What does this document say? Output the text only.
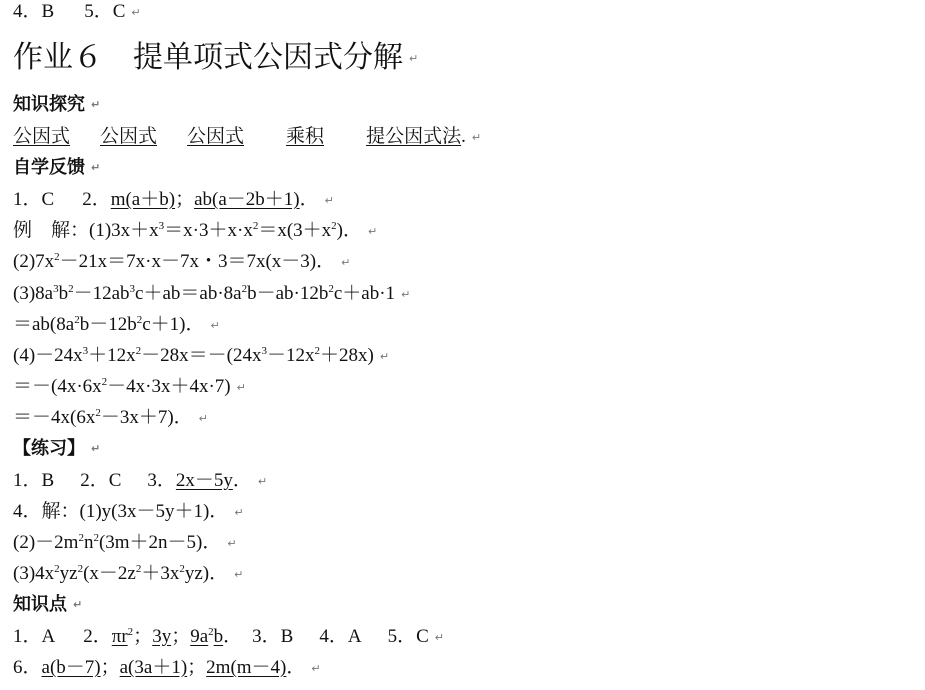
4．B 5．C ↵
作业６　提单项式公因式分解 ↵
知识探究 ↵
公因式 公因式 公因式 乘积 提公因式法. ↵
自学反馈 ↵
1．C 2．m(a＋b)；ab(a－2b＋1)． ↵
例　解：$(1)3x+x^3=x\cdot 3+x\cdot x^2=x(3+x^2)$． ↵
$(2)7x^2-21x=7x\cdot x-7x$・3＝7x(x－3)． ↵
$(3)8a^3b^2-12ab^3c+ab=ab\cdot 8a^2b-ab\cdot 12b^2c+ab\cdot 1$ ↵
$=ab(8a^2b-12b^2c+1)$． ↵
$(4)-24x^3+12x^2-28x=-(24x^3-12x^2+28x)$ ↵
$=-(4x\cdot 6x^2-4x\cdot 3x+4x\cdot 7)$ ↵
$=-4x(6x^2-3x+7)$． ↵
【练习】 ↵
1．B 2．C 3．2x－5y． ↵
4．解：(1)y(3x－5y＋1)． ↵
$(2)-2m^2n^2(3m+2n-5)$． ↵
$(3)4x^2yz^2(x-2z^2+3x^2yz)$． ↵
知识点 ↵
1．A 2．$\pi r^2$；3y；$9a^2b$． 3．B 4．A 5．C ↵
6．a(b－7)；a(3a＋1)；2m(m－4)． ↵
